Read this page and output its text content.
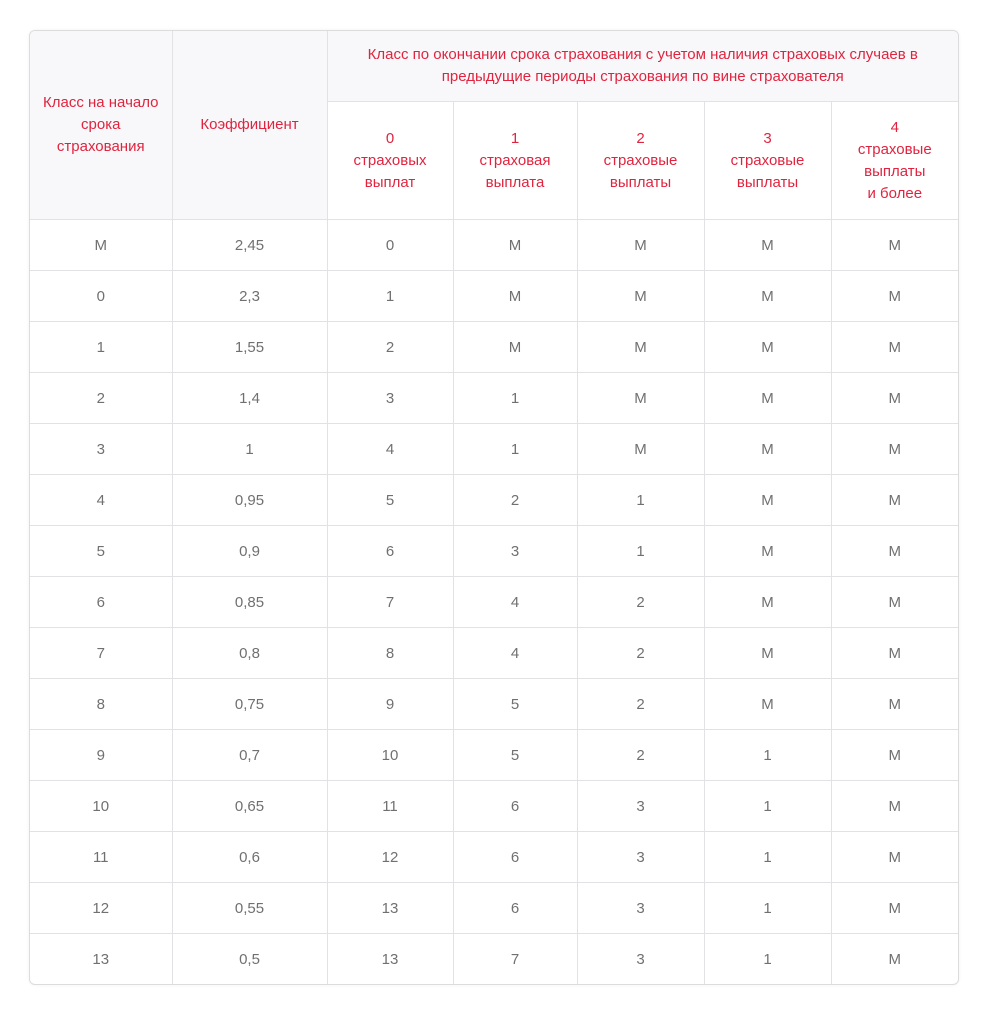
Класс на начало срока страхования	Коэффициент	Класс по окончании срока страхования с учетом наличия страховых случаев в предыдущие периоды страхования по вине страхователя				

		0
страховых
выплат	1
страховая
выплата	2
страховые
выплаты	3
страховые
выплаты	4
страховые
выплаты
и более

М	2,45	0	М	М	М	М
0	2,3	1	М	М	М	М
1	1,55	2	М	М	М	М
2	1,4	3	1	М	М	М
3	1	4	1	М	М	М
4	0,95	5	2	1	М	М
5	0,9	6	3	1	М	М
6	0,85	7	4	2	М	М
7	0,8	8	4	2	М	М
8	0,75	9	5	2	М	М
9	0,7	10	5	2	1	М
10	0,65	11	6	3	1	М
11	0,6	12	6	3	1	М
12	0,55	13	6	3	1	М
13	0,5	13	7	3	1	М
